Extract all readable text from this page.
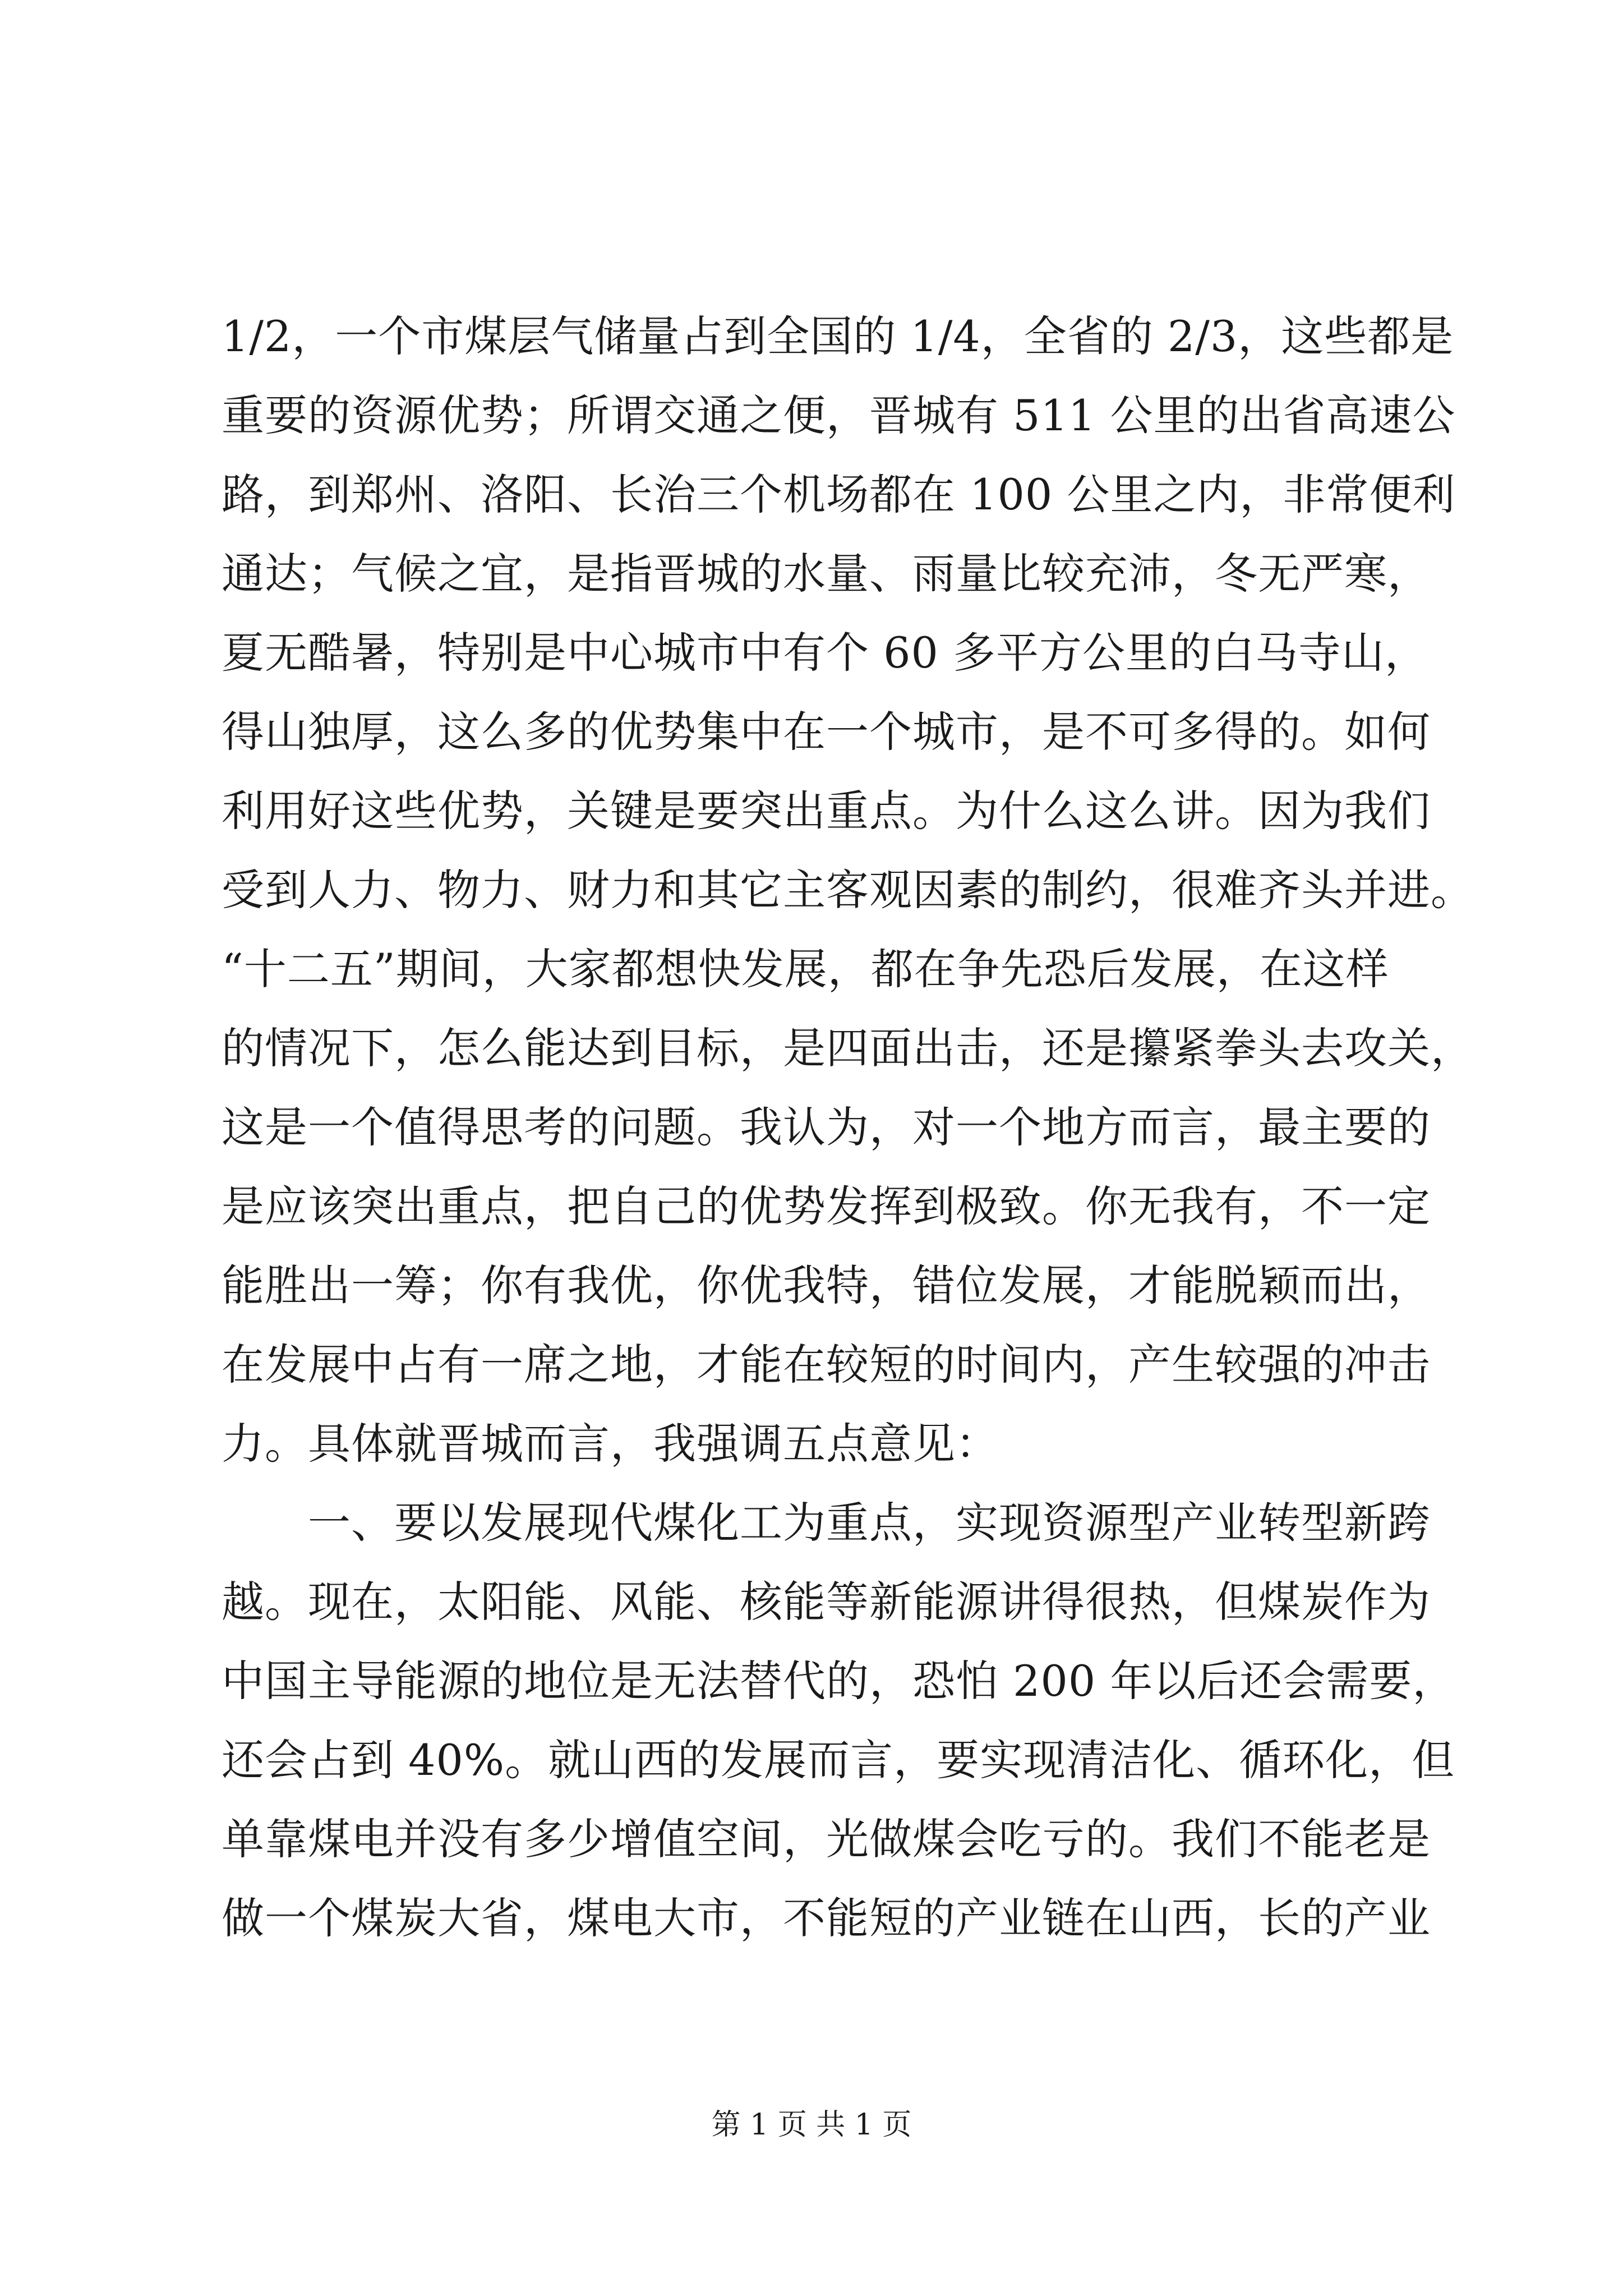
1/2，一个市煤层气储量占到全国的 1/4，全省的 2/3，这些都是
重要的资源优势；所谓交通之便，晋城有 511 公里的出省高速公
路，到郑州、洛阳、长治三个机场都在 100 公里之内，非常便利
通达；气候之宜，是指晋城的水量、雨量比较充沛，冬无严寒，
夏无酷暑，特别是中心城市中有个 60 多平方公里的白马寺山，
得山独厚，这么多的优势集中在一个城市，是不可多得的。如何
利用好这些优势，关键是要突出重点。为什么这么讲。因为我们
受到人力、物力、财力和其它主客观因素的制约，很难齐头并进。
“十二五”期间，大家都想快发展，都在争先恐后发展，在这样
的情况下，怎么能达到目标，是四面出击，还是攥紧拳头去攻关，
这是一个值得思考的问题。我认为，对一个地方而言，最主要的
是应该突出重点，把自己的优势发挥到极致。你无我有，不一定
能胜出一筹；你有我优，你优我特，错位发展，才能脱颖而出，
在发展中占有一席之地，才能在较短的时间内，产生较强的冲击
力。具体就晋城而言，我强调五点意见：
　　一、要以发展现代煤化工为重点，实现资源型产业转型新跨
越。现在，太阳能、风能、核能等新能源讲得很热，但煤炭作为
中国主导能源的地位是无法替代的，恐怕 200 年以后还会需要，
还会占到 40%。就山西的发展而言，要实现清洁化、循环化，但
单靠煤电并没有多少增值空间，光做煤会吃亏的。我们不能老是
做一个煤炭大省，煤电大市，不能短的产业链在山西，长的产业
第 1 页 共 1 页
